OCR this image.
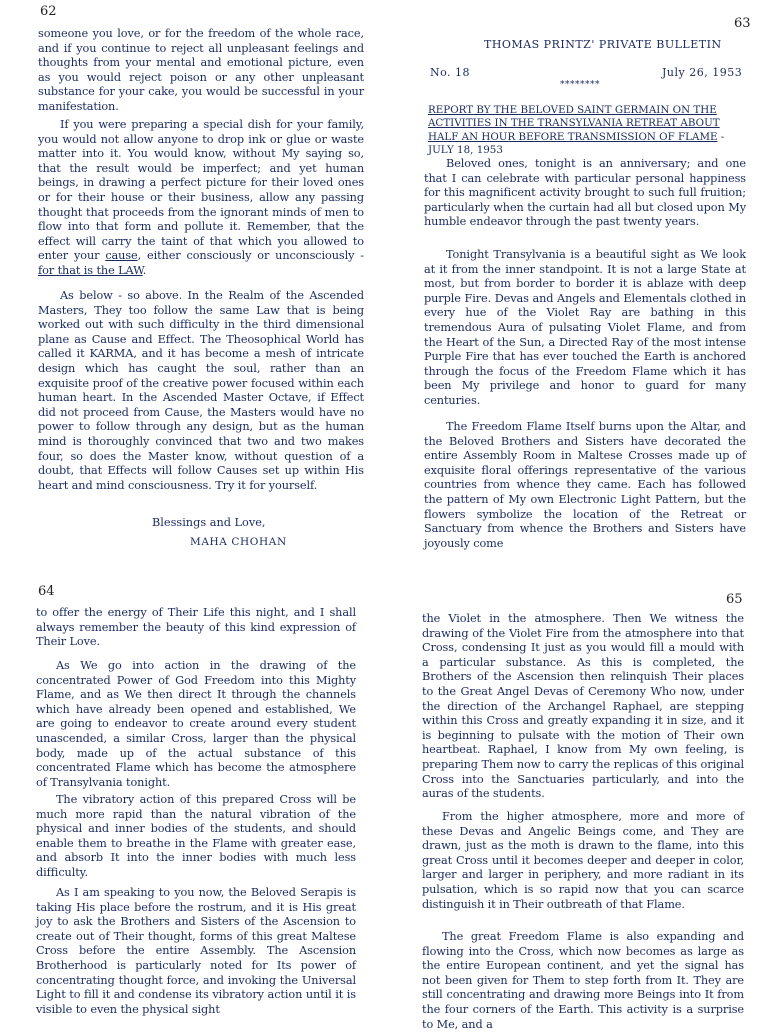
62

someone you love, or for the freedom of the whole race, and if you continue to reject all unpleasant feelings and thoughts from your mental and emotional picture, even as you would reject poison or any other unpleasant substance for your cake, you would be successful in your manifestation.

If you were preparing a special dish for your family, you would not allow anyone to drop ink or glue or waste matter into it. You would know, without My saying so, that the result would be imperfect; and yet human beings, in drawing a perfect picture for their loved ones or for their house or their business, allow any passing thought that proceeds from the ignorant minds of men to flow into that form and pollute it. Remember, that the effect will carry the taint of that which you allowed to enter your cause, either consciously or unconsciously - for that is the LAW.

As below - so above. In the Realm of the Ascended Masters, They too follow the same Law that is being worked out with such difficulty in the third dimensional plane as Cause and Effect. The Theosophical World has called it KARMA, and it has become a mesh of intricate design which has caught the soul, rather than an exquisite proof of the creative power focused within each human heart. In the Ascended Master Octave, if Effect did not proceed from Cause, the Masters would have no power to follow through any design, but as the human mind is thoroughly convinced that two and two makes four, so does the Master know, without question of a doubt, that Effects will follow Causes set up within His heart and mind consciousness. Try it for yourself.

Blessings and Love,
MAHA CHOHAN
63
THOMAS PRINTZ' PRIVATE BULLETIN
No. 18	July 26, 1953
********

REPORT BY THE BELOVED SAINT GERMAIN ON THE ACTIVITIES IN THE TRANSYLVANIA RETREAT ABOUT HALF AN HOUR BEFORE TRANSMISSION OF FLAME - JULY 18, 1953

Beloved ones, tonight is an anniversary; and one that I can celebrate with particular personal happiness for this magnificent activity brought to such full fruition; particularly when the curtain had all but closed upon My humble endeavor through the past twenty years.

Tonight Transylvania is a beautiful sight as We look at it from the inner standpoint. It is not a large State at most, but from border to border it is ablaze with deep purple Fire. Devas and Angels and Elementals clothed in every hue of the Violet Ray are bathing in this tremendous Aura of pulsating Violet Flame, and from the Heart of the Sun, a Directed Ray of the most intense Purple Fire that has ever touched the Earth is anchored through the focus of the Freedom Flame which it has been My privilege and honor to guard for many centuries.

The Freedom Flame Itself burns upon the Altar, and the Beloved Brothers and Sisters have decorated the entire Assembly Room in Maltese Crosses made up of exquisite floral offerings representative of the various countries from whence they came. Each has followed the pattern of My own Electronic Light Pattern, but the flowers symbolize the location of the Retreat or Sanctuary from whence the Brothers and Sisters have joyously come

64

to offer the energy of Their Life this night, and I shall always remember the beauty of this kind expression of Their Love.

As We go into action in the drawing of the concentrated Power of God Freedom into this Mighty Flame, and as We then direct It through the channels which have already been opened and established, We are going to endeavor to create around every student unascended, a similar Cross, larger than the physical body, made up of the actual substance of this concentrated Flame which has become the atmosphere of Transylvania tonight.

The vibratory action of this prepared Cross will be much more rapid than the natural vibration of the physical and inner bodies of the students, and should enable them to breathe in the Flame with greater ease, and absorb It into the inner bodies with much less difficulty.

As I am speaking to you now, the Beloved Serapis is taking His place before the rostrum, and it is His great joy to ask the Brothers and Sisters of the Ascension to create out of Their thought, forms of this great Maltese Cross before the entire Assembly. The Ascension Brotherhood is particularly noted for Its power of concentrating thought force, and invoking the Universal Light to fill it and condense its vibratory action until it is visible to even the physical sight

65

the Violet in the atmosphere. Then We witness the drawing of the Violet Fire from the atmosphere into that Cross, condensing It just as you would fill a mould with a particular substance. As this is completed, the Brothers of the Ascension then relinquish Their places to the Great Angel Devas of Ceremony Who now, under the direction of the Archangel Raphael, are stepping within this Cross and greatly expanding it in size, and it is beginning to pulsate with the motion of Their own heartbeat. Raphael, I know from My own feeling, is preparing Them now to carry the replicas of this original Cross into the Sanctuaries particularly, and into the auras of the students.

From the higher atmosphere, more and more of these Devas and Angelic Beings come, and They are drawn, just as the moth is drawn to the flame, into this great Cross until it becomes deeper and deeper in color, larger and larger in periphery, and more radiant in its pulsation, which is so rapid now that you can scarce distinguish it in Their outbreath of that Flame.

The great Freedom Flame is also expanding and flowing into the Cross, which now becomes as large as the entire European continent, and yet the signal has not been given for Them to step forth from It. They are still concentrating and drawing more Beings into It from the four corners of the Earth. This activity is a surprise to Me, and a
